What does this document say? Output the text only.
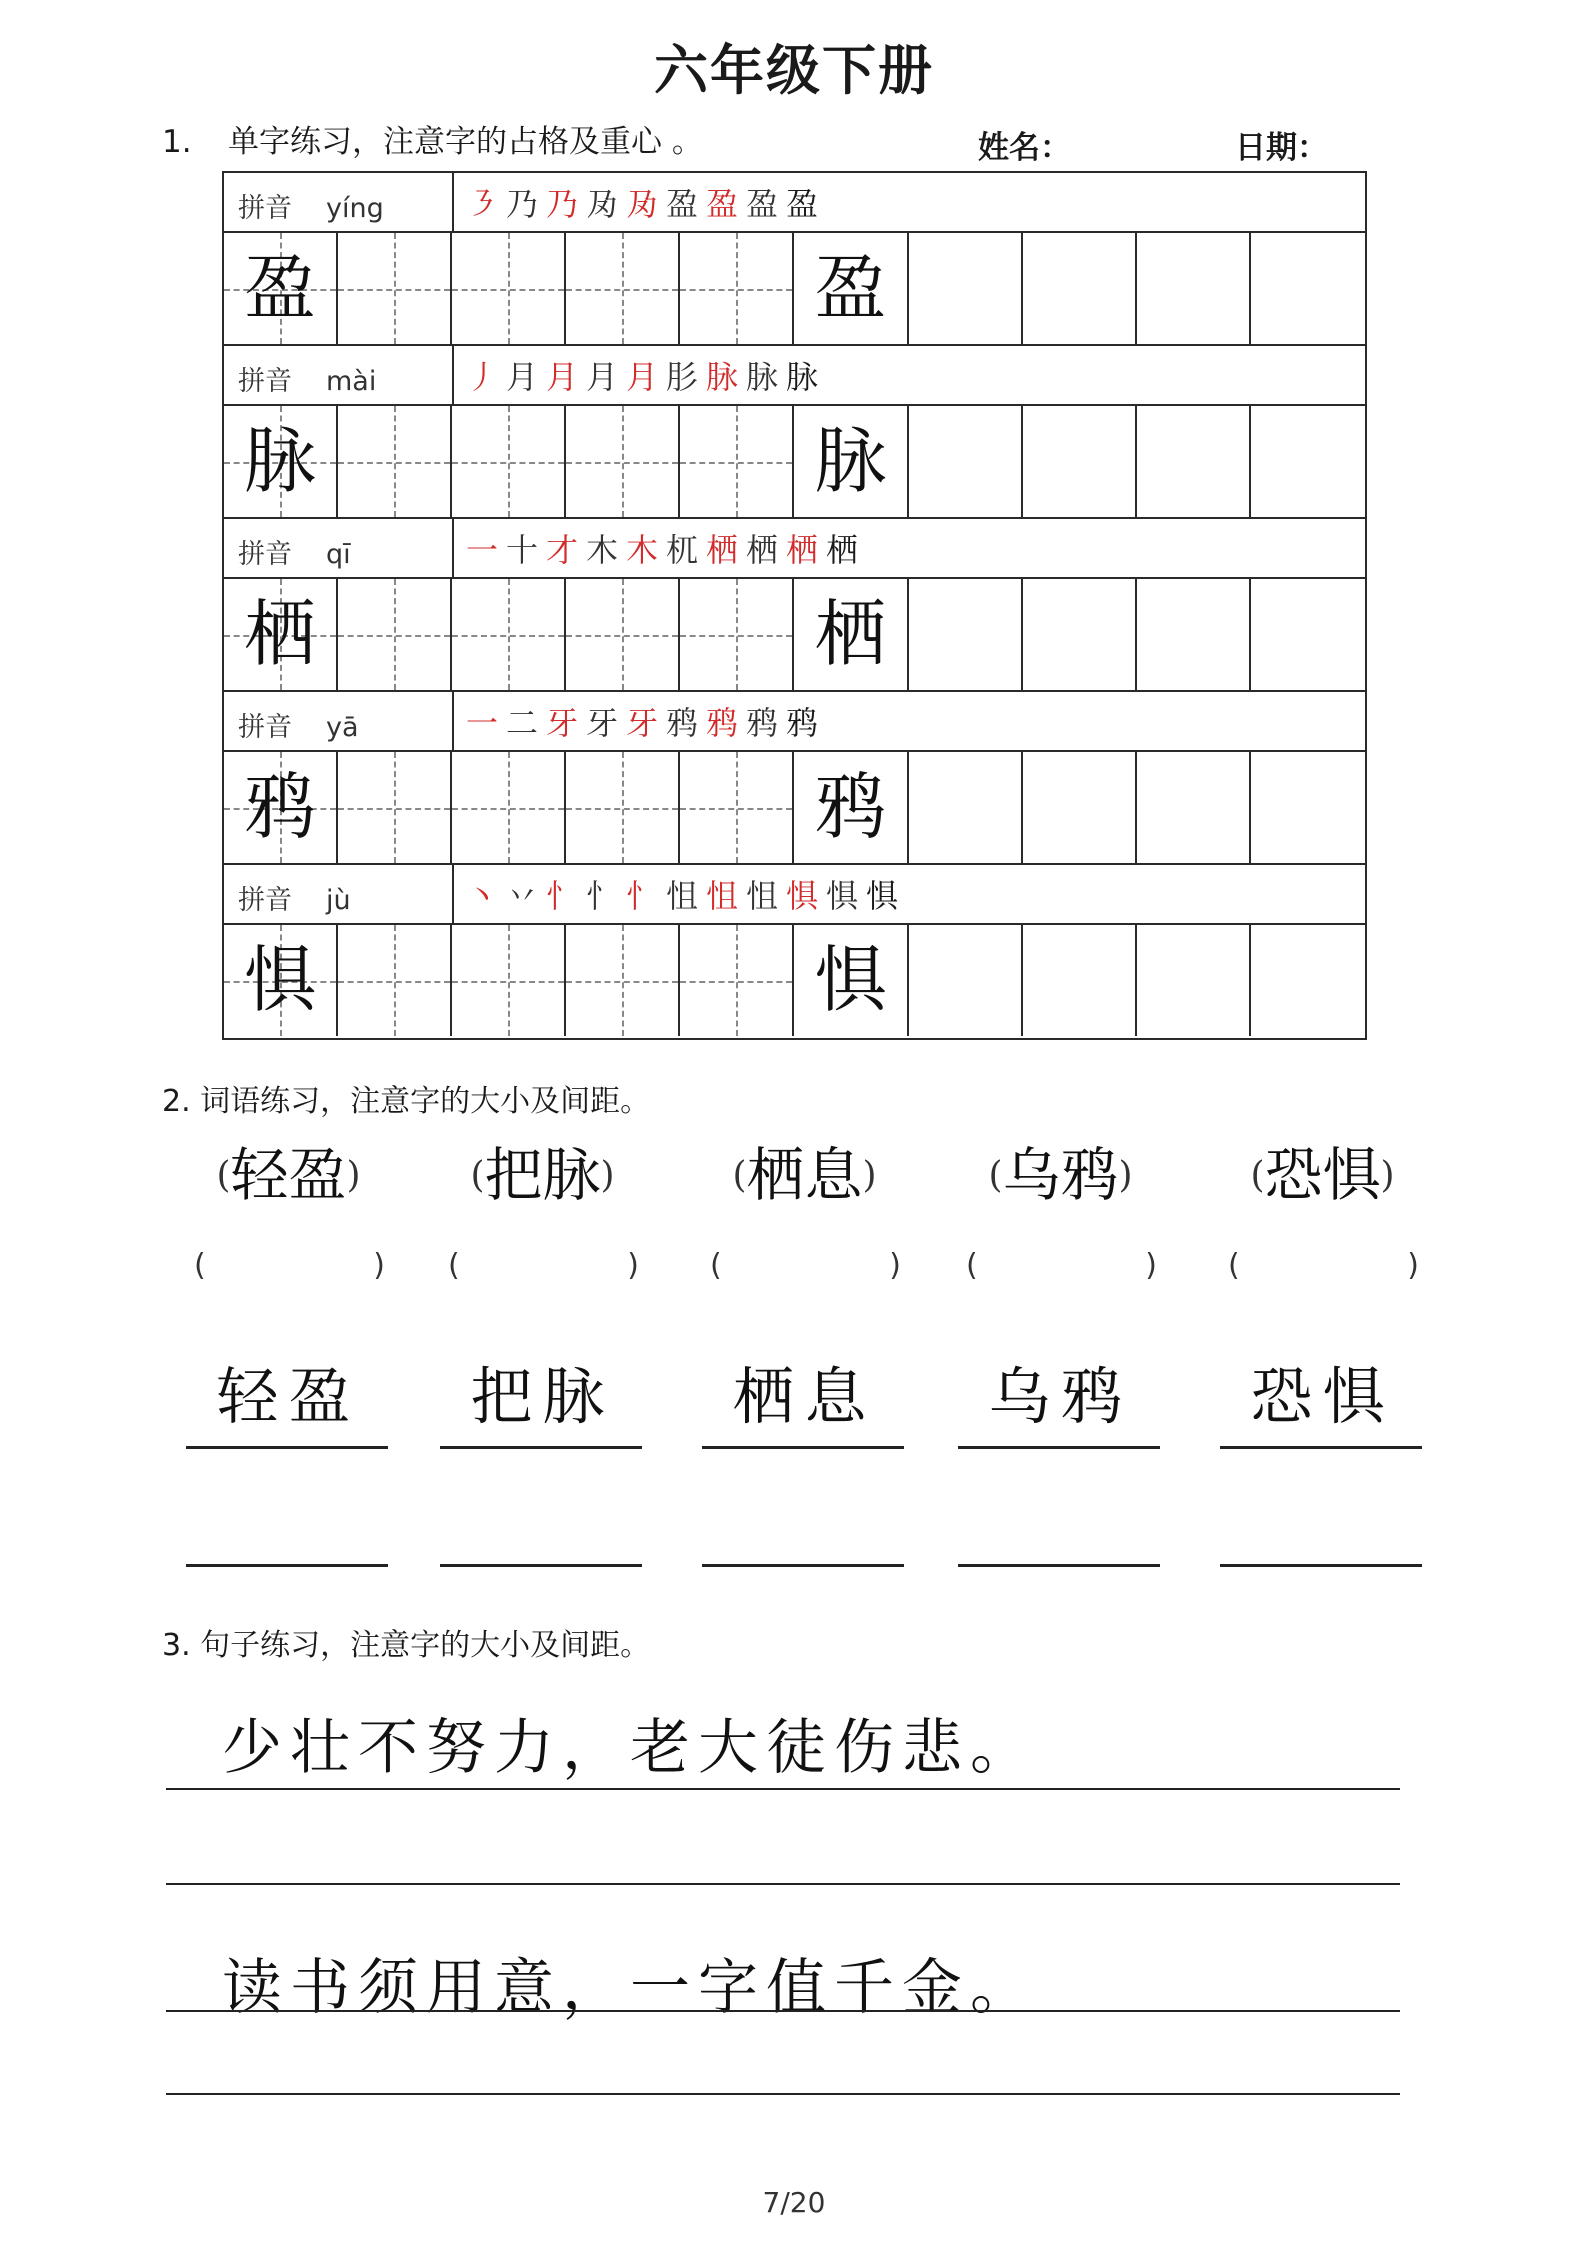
六年级下册
1. 单字练习，注意字的占格及重心 。	姓名：	日期：
拼音 yíng	㇋ 乃 乃 夃 夃 盈 盈 盈 盈
盈	盈
拼音 mài	丿 月 月 月 月 肜 脉 脉 脉
脉	脉
拼音 qī	一 十 才 木 木 杌 栖 栖 栖 栖
栖	栖
拼音 yā	一 二 牙 牙 牙 鸦 鸦 鸦 鸦
鸦	鸦
拼音 jù	丶 丷 忄 忄 忄 怚 怚 怚 惧 惧 惧
惧	惧
2. 词语练习，注意字的大小及间距。
(轻盈)
(	)
轻盈
(把脉)
(	)
把脉
(栖息)
(	)
栖息
(乌鸦)
(	)
乌鸦
(恐惧)
(	)
恐惧
3. 句子练习，注意字的大小及间距。
少壮不努力，老大徒伤悲。
读书须用意，一字值千金。
7/20
